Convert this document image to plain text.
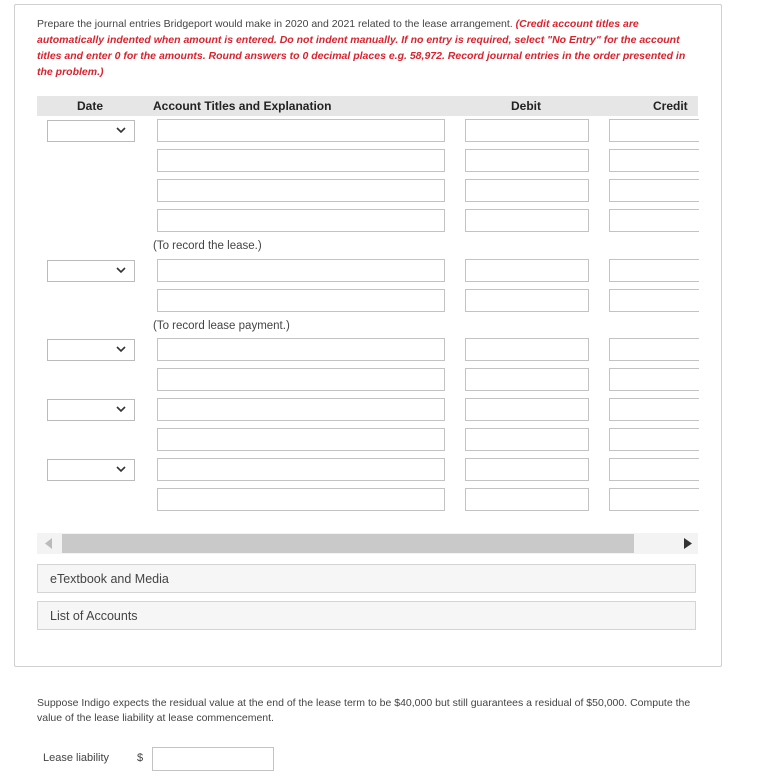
Prepare the journal entries Bridgeport would make in 2020 and 2021 related to the lease arrangement. (Credit account titles are automatically indented when amount is entered. Do not indent manually. If no entry is required, select "No Entry" for the account titles and enter 0 for the amounts. Round answers to 0 decimal places e.g. 58,972. Record journal entries in the order presented in the problem.)
Date	Account Titles and Explanation	Debit	Credit
(To record the lease.)
(To record lease payment.)
eTextbook and Media
List of Accounts
Suppose Indigo expects the residual value at the end of the lease term to be $40,000 but still guarantees a residual of $50,000. Compute the value of the lease liability at lease commencement.
Lease liability	$
